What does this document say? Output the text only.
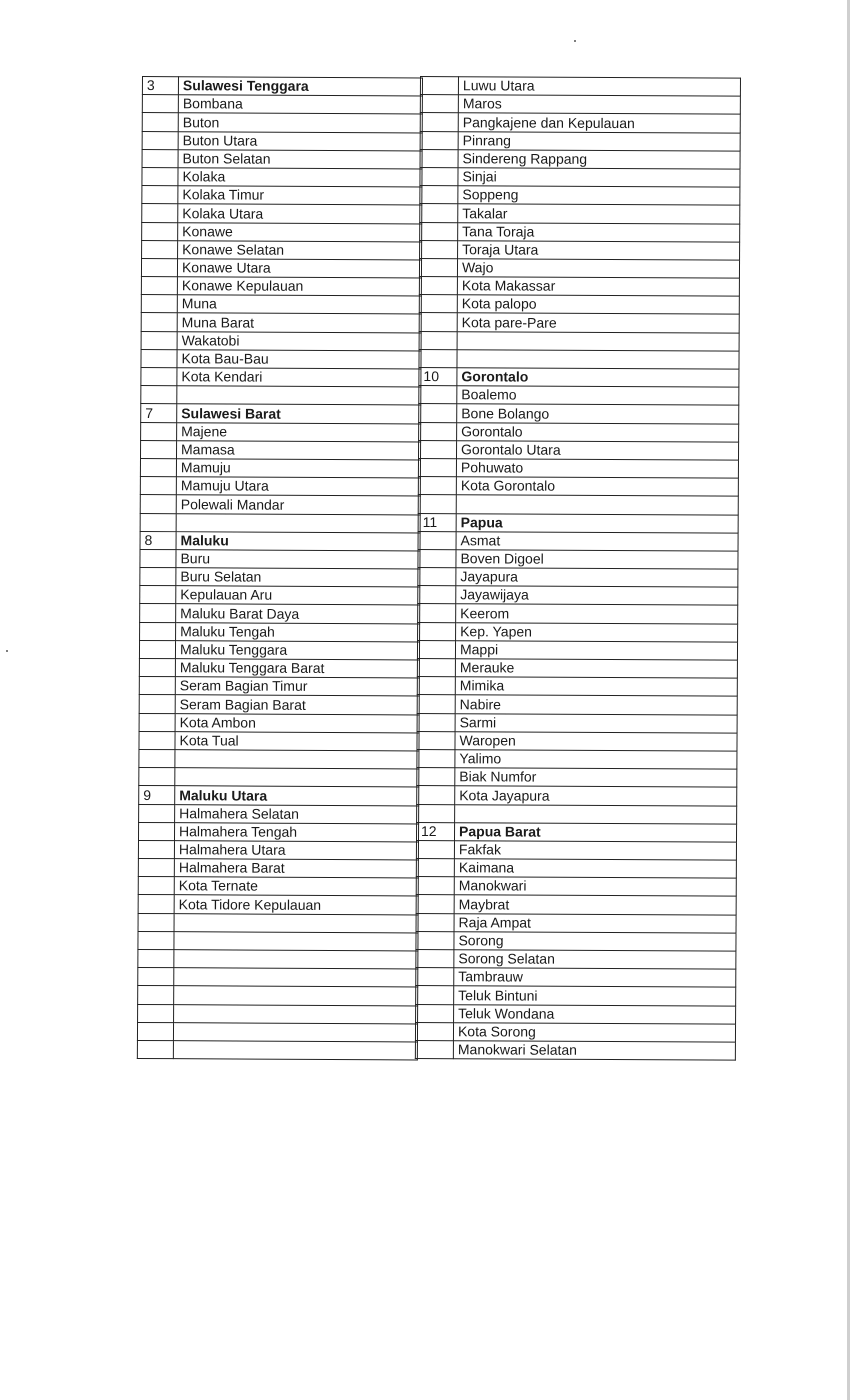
3	Sulawesi Tenggara
	Bombana
	Buton
	Buton Utara
	Buton Selatan
	Kolaka
	Kolaka Timur
	Kolaka Utara
	Konawe
	Konawe Selatan
	Konawe Utara
	Konawe Kepulauan
	Muna
	Muna Barat
	Wakatobi
	Kota Bau-Bau
	Kota Kendari

7	Sulawesi Barat
	Majene
	Mamasa
	Mamuju
	Mamuju Utara
	Polewali Mandar

8	Maluku
	Buru
	Buru Selatan
	Kepulauan Aru
	Maluku Barat Daya
	Maluku Tengah
	Maluku Tenggara
	Maluku Tenggara Barat
	Seram Bagian Timur
	Seram Bagian Barat
	Kota Ambon
	Kota Tual

9	Maluku Utara
	Halmahera Selatan
	Halmahera Tengah
	Halmahera Utara
	Halmahera Barat
	Kota Ternate
	Kota Tidore Kepulauan

	Luwu Utara
	Maros
	Pangkajene dan Kepulauan
	Pinrang
	Sindereng Rappang
	Sinjai
	Soppeng
	Takalar
	Tana Toraja
	Toraja Utara
	Wajo
	Kota Makassar
	Kota palopo
	Kota pare-Pare

10	Gorontalo
	Boalemo
	Bone Bolango
	Gorontalo
	Gorontalo Utara
	Pohuwato
	Kota Gorontalo

11	Papua
	Asmat
	Boven Digoel
	Jayapura
	Jayawijaya
	Keerom
	Kep. Yapen
	Mappi
	Merauke
	Mimika
	Nabire
	Sarmi
	Waropen
	Yalimo
	Biak Numfor
	Kota Jayapura

12	Papua Barat
	Fakfak
	Kaimana
	Manokwari
	Maybrat
	Raja Ampat
	Sorong
	Sorong Selatan
	Tambrauw
	Teluk Bintuni
	Teluk Wondana
	Kota Sorong
	Manokwari Selatan
